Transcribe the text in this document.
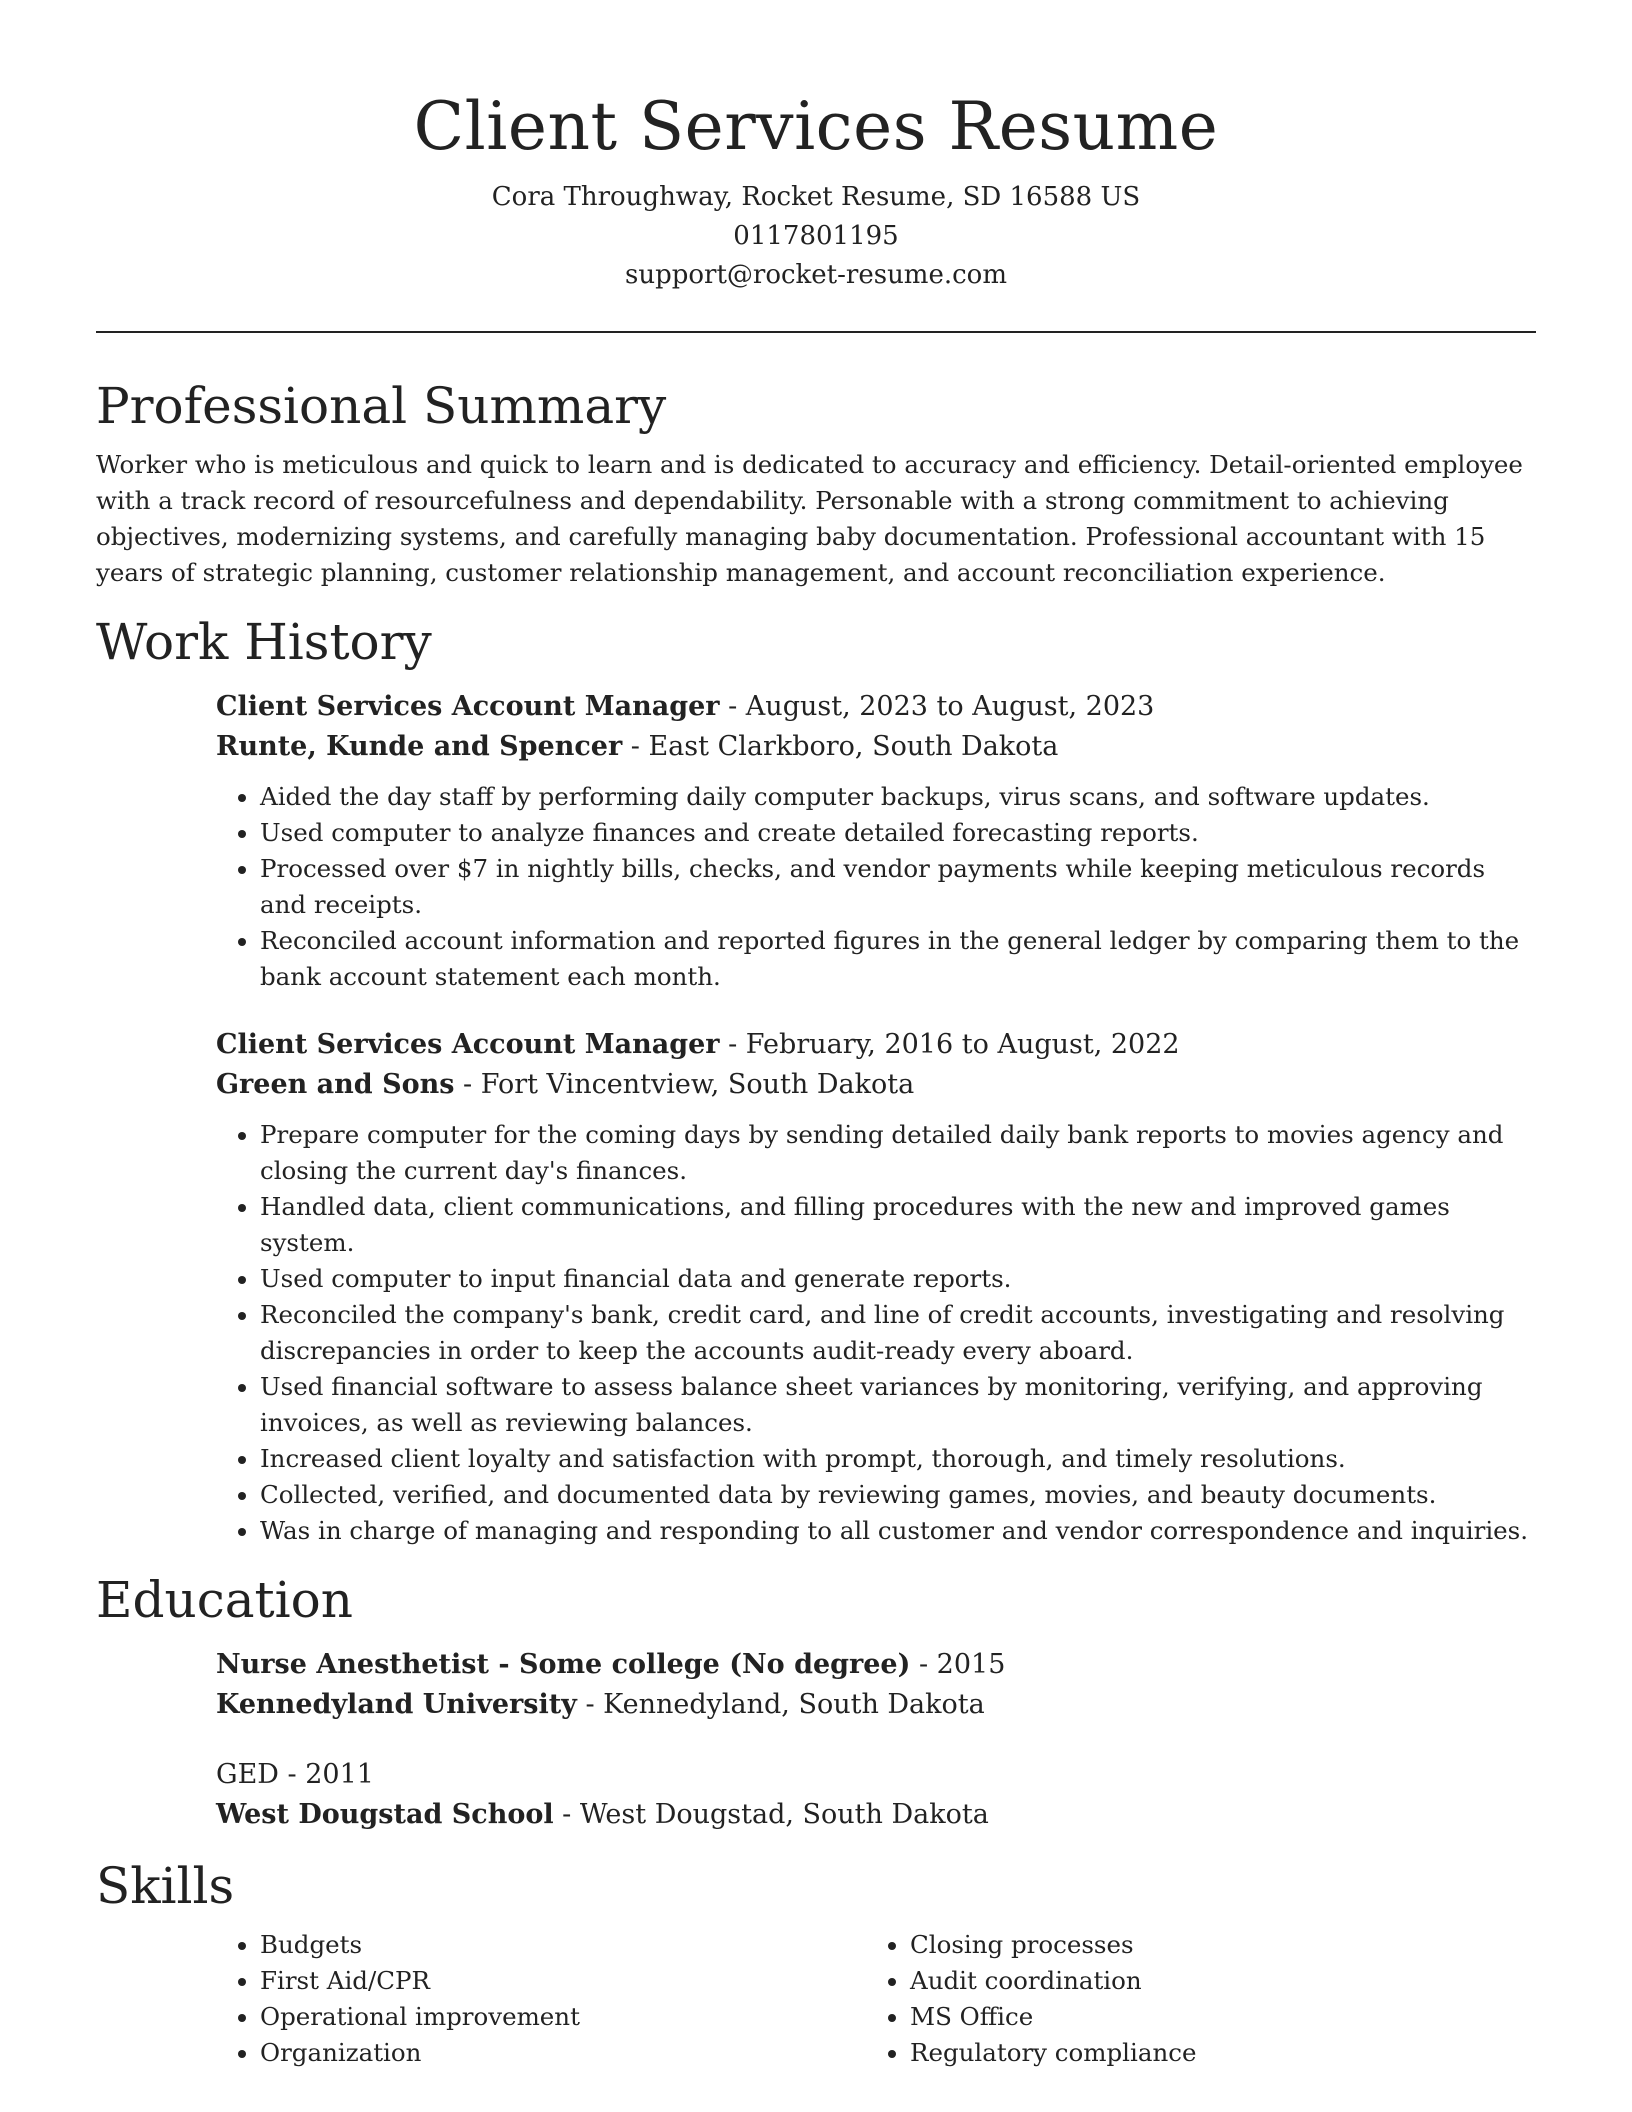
Client Services Resume

Cora Throughway, Rocket Resume, SD 16588 US

0117801195

support@rocket-resume.com

Professional Summary

Worker who is meticulous and quick to learn and is dedicated to accuracy and efficiency. Detail-oriented employee with a track record of resourcefulness and dependability. Personable with a strong commitment to achieving objectives, modernizing systems, and carefully managing baby documentation. Professional accountant with 15 years of strategic planning, customer relationship management, and account reconciliation experience.

Work History

Client Services Account Manager - August, 2023 to August, 2023

Runte, Kunde and Spencer - East Clarkboro, South Dakota

• Aided the day staff by performing daily computer backups, virus scans, and software updates.
• Used computer to analyze finances and create detailed forecasting reports.
• Processed over $7 in nightly bills, checks, and vendor payments while keeping meticulous records and receipts.
• Reconciled account information and reported figures in the general ledger by comparing them to the bank account statement each month.

Client Services Account Manager - February, 2016 to August, 2022

Green and Sons - Fort Vincentview, South Dakota

• Prepare computer for the coming days by sending detailed daily bank reports to movies agency and closing the current day's finances.
• Handled data, client communications, and filling procedures with the new and improved games system.
• Used computer to input financial data and generate reports.
• Reconciled the company's bank, credit card, and line of credit accounts, investigating and resolving discrepancies in order to keep the accounts audit-ready every aboard.
• Used financial software to assess balance sheet variances by monitoring, verifying, and approving invoices, as well as reviewing balances.
• Increased client loyalty and satisfaction with prompt, thorough, and timely resolutions.
• Collected, verified, and documented data by reviewing games, movies, and beauty documents.
• Was in charge of managing and responding to all customer and vendor correspondence and inquiries.
Education

Nurse Anesthetist - Some college (No degree) - 2015

Kennedyland University - Kennedyland, South Dakota

GED - 2011

West Dougstad School - West Dougstad, South Dakota

Skills
• Budgets
• First Aid/CPR
• Operational improvement
• Organization
• Closing processes
• Audit coordination
• MS Office
• Regulatory compliance
